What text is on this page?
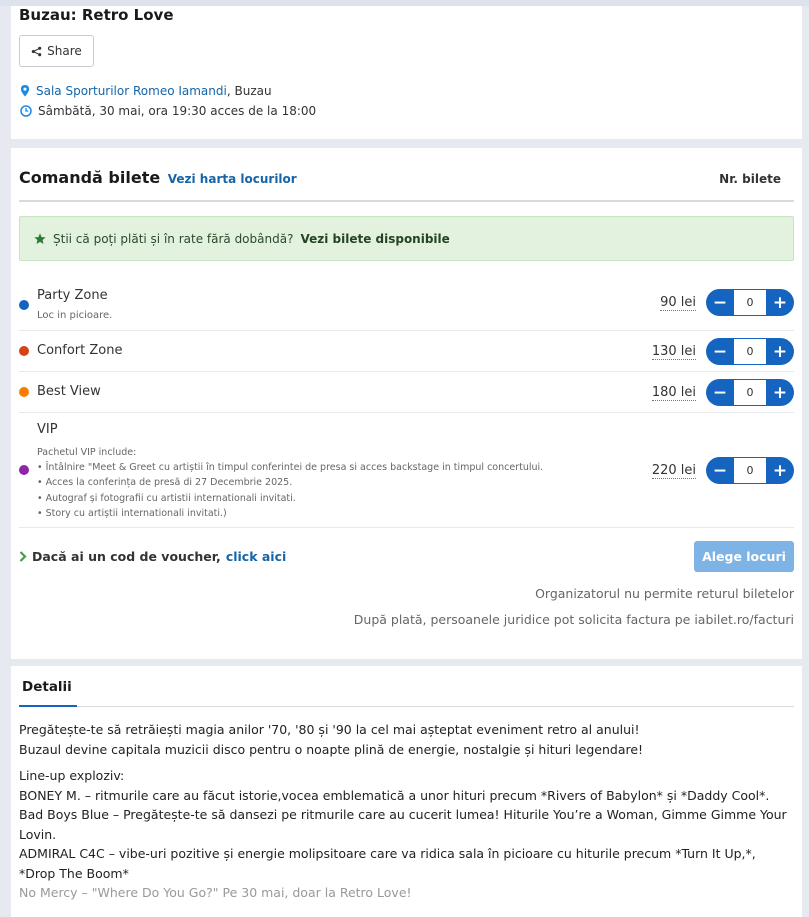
Buzau: Retro Love
Share
Sala Sporturilor Romeo Iamandi, Buzau
Sâmbătă, 30 mai, ora 19:30 acces de la 18:00
Comandă bilete Vezi harta locurilor	Nr. bilete
Știi că poți plăti și în rate fără dobândă? Vezi bilete disponibile
Party Zone
Loc in picioare.
90 lei −	0	+
Confort Zone	130 lei −	0	+
Best View	180 lei −	0	+
VIP
Pachetul VIP include:
• Întâlnire "Meet & Greet cu artiștii în timpul conferintei de presa si acces backstage in timpul concertului.
• Acces la conferința de presă di 27 Decembrie 2025.
• Autograf și fotografii cu artistii internationali invitati.
• Story cu artiștii internationali invitati.)
220 lei −	0	+
Dacă ai un cod de voucher, click aici	Alege locuri
Organizatorul nu permite returul biletelor
După plată, persoanele juridice pot solicita factura pe iabilet.ro/facturi
Detalii

Pregătește-te să retrăiești magia anilor '70, '80 și '90 la cel mai așteptat eveniment retro al anului!

Buzaul devine capitala muzicii disco pentru o noapte plină de energie, nostalgie și hituri legendare!

Line-up exploziv:

BONEY M. – ritmurile care au făcut istorie,vocea emblematică a unor hituri precum *Rivers of Babylon* și *Daddy Cool*.

Bad Boys Blue – Pregătește-te să dansezi pe ritmurile care au cucerit lumea! Hiturile You’re a Woman, Gimme Gimme Your Lovin.

ADMIRAL C4C – vibe-uri pozitive și energie molipsitoare care va ridica sala în picioare cu hiturile precum *Turn It Up,*, *Drop The Boom*

No Mercy – "Where Do You Go?" Pe 30 mai, doar la Retro Love!
